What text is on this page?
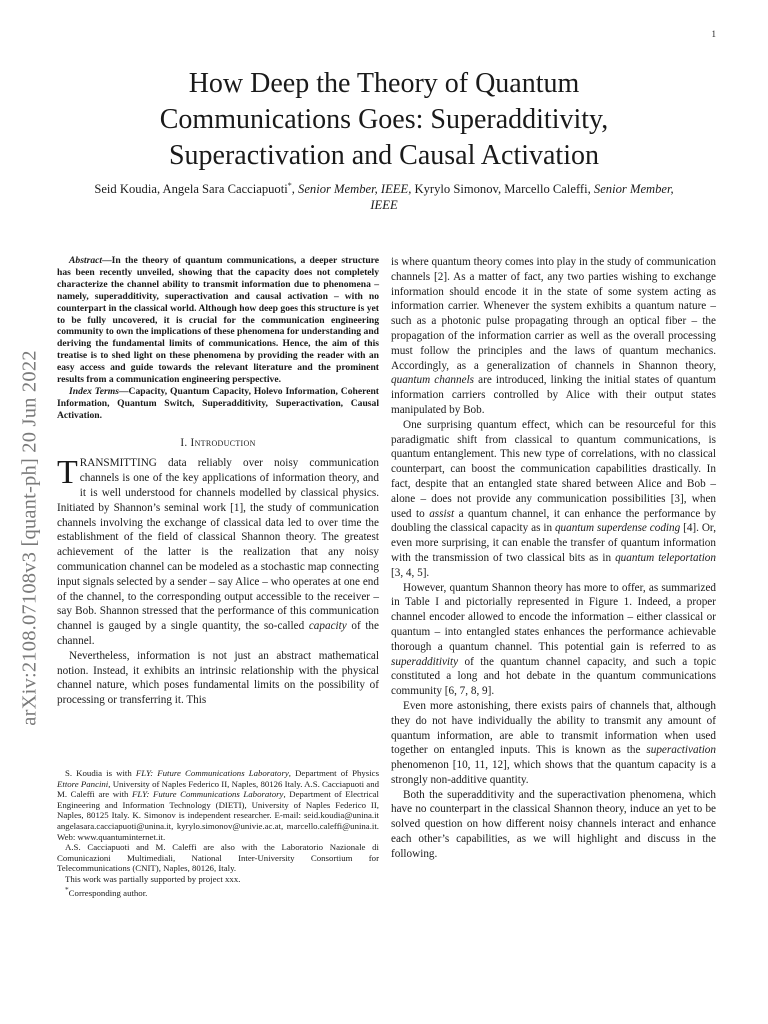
1
arXiv:2108.07108v3 [quant-ph] 20 Jun 2022
How Deep the Theory of Quantum Communications Goes: Superadditivity, Superactivation and Causal Activation
Seid Koudia, Angela Sara Cacciapuoti*, Senior Member, IEEE, Kyrylo Simonov, Marcello Caleffi, Senior Member, IEEE

Abstract—In the theory of quantum communications, a deeper structure has been recently unveiled, showing that the capacity does not completely characterize the channel ability to transmit information due to phenomena – namely, superadditivity, superactivation and causal activation – with no counterpart in the classical world. Although how deep goes this structure is yet to be fully uncovered, it is crucial for the communication engineering community to own the implications of these phenomena for understanding and deriving the fundamental limits of communications. Hence, the aim of this treatise is to shed light on these phenomena by providing the reader with an easy access and guide towards the relevant literature and the prominent results from a communication engineering perspective.

Index Terms—Capacity, Quantum Capacity, Holevo Information, Coherent Information, Quantum Switch, Superadditivity, Superactivation, Causal Activation.

I. Introduction

TRANSMITTING data reliably over noisy communication channels is one of the key applications of information theory, and it is well understood for channels modelled by classical physics. Initiated by Shannon’s seminal work [1], the study of communication channels involving the exchange of classical data led to over time the establishment of the field of classical Shannon theory. The greatest achievement of the latter is the realization that any noisy communication channel can be modeled as a stochastic map connecting input signals selected by a sender – say Alice – who operates at one end of the channel, to the corresponding output accessible to the receiver – say Bob. Shannon stressed that the performance of this communication channel is gauged by a single quantity, the so-called capacity of the channel.

Nevertheless, information is not just an abstract mathematical notion. Instead, it exhibits an intrinsic relationship with the physical channel nature, which poses fundamental limits on the possibility of processing or transferring it. This

S. Koudia is with FLY: Future Communications Laboratory, Department of Physics Ettore Pancini, University of Naples Federico II, Naples, 80126 Italy. A.S. Cacciapuoti and M. Caleffi are with FLY: Future Communications Laboratory, Department of Electrical Engineering and Information Technology (DIETI), University of Naples Federico II, Naples, 80125 Italy. K. Simonov is independent researcher. E-mail: seid.koudia@unina.it angelasara.cacciapuoti@unina.it, kyrylo.simonov@univie.ac.at, marcello.caleffi@unina.it. Web: www.quantuminternet.it.

A.S. Cacciapuoti and M. Caleffi are also with the Laboratorio Nazionale di Comunicazioni Multimediali, National Inter-University Consortium for Telecommunications (CNIT), Naples, 80126, Italy.

This work was partially supported by project xxx.

*Corresponding author.

is where quantum theory comes into play in the study of communication channels [2]. As a matter of fact, any two parties wishing to exchange information should encode it in the state of some system acting as information carrier. Whenever the system exhibits a quantum nature – such as a photonic pulse propagating through an optical fiber – the propagation of the information carrier as well as the overall processing must follow the principles and the laws of quantum mechanics. Accordingly, as a generalization of channels in Shannon theory, quantum channels are introduced, linking the initial states of quantum information carriers controlled by Alice with their output states manipulated by Bob.

One surprising quantum effect, which can be resourceful for this paradigmatic shift from classical to quantum communications, is quantum entanglement. This new type of correlations, with no classical counterpart, can boost the communication capabilities drastically. In fact, despite that an entangled state shared between Alice and Bob – alone – does not provide any communication possibilities [3], when used to assist a quantum channel, it can enhance the performance by doubling the classical capacity as in quantum superdense coding [4]. Or, even more surprising, it can enable the transfer of quantum information with the transmission of two classical bits as in quantum teleportation [3, 4, 5].

However, quantum Shannon theory has more to offer, as summarized in Table I and pictorially represented in Figure 1. Indeed, a proper channel encoder allowed to encode the information – either classical or quantum – into entangled states enhances the performance achievable thorough a quantum channel. This potential gain is referred to as superadditivity of the quantum channel capacity, and such a topic constituted a long and hot debate in the quantum communications community [6, 7, 8, 9].

Even more astonishing, there exists pairs of channels that, although they do not have individually the ability to transmit any amount of quantum information, are able to transmit information when used together on entangled inputs. This is known as the superactivation phenomenon [10, 11, 12], which shows that the quantum capacity is a strongly non-additive quantity.

Both the superadditivity and the superactivation phenomena, which have no counterpart in the classical Shannon theory, induce an yet to be solved question on how different noisy channels interact and enhance each other’s capabilities, as we will highlight and discuss in the following.
